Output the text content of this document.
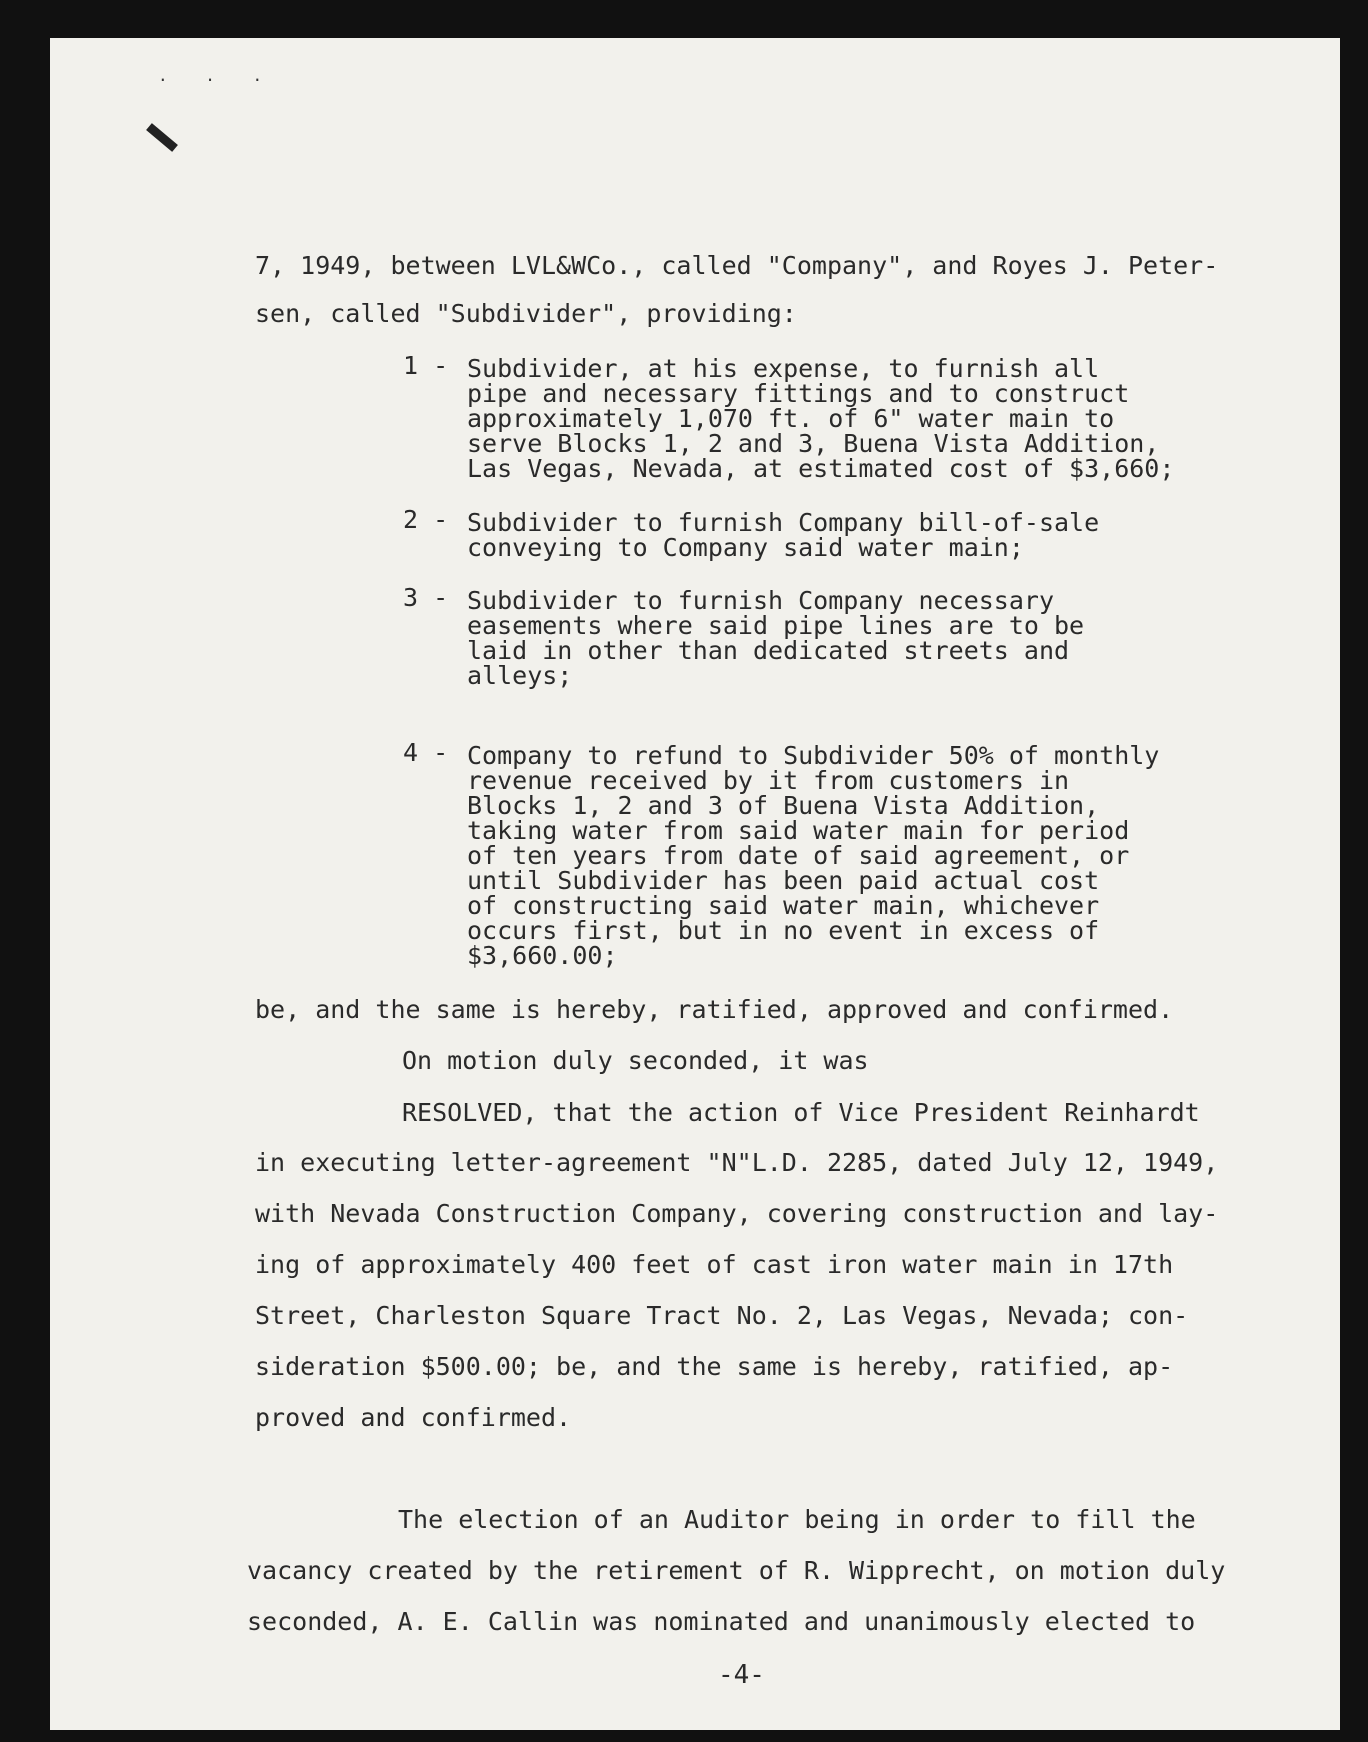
. . .
7, 1949, between LVL&WCo., called "Company", and Royes J. Peter-
sen, called "Subdivider", providing:
1 - Subdivider, at his expense, to furnish all
pipe and necessary fittings and to construct
approximately 1,070 ft. of 6" water main to
serve Blocks 1, 2 and 3, Buena Vista Addition,
Las Vegas, Nevada, at estimated cost of $3,660;
2 - Subdivider to furnish Company bill-of-sale
conveying to Company said water main;
3 - Subdivider to furnish Company necessary
easements where said pipe lines are to be
laid in other than dedicated streets and
alleys;
4 - Company to refund to Subdivider 50% of monthly
revenue received by it from customers in
Blocks 1, 2 and 3 of Buena Vista Addition,
taking water from said water main for period
of ten years from date of said agreement, or
until Subdivider has been paid actual cost
of constructing said water main, whichever
occurs first, but in no event in excess of
$3,660.00;
be, and the same is hereby, ratified, approved and confirmed.
On motion duly seconded, it was
RESOLVED, that the action of Vice President Reinhardt
in executing letter-agreement "N"L.D. 2285, dated July 12, 1949,
with Nevada Construction Company, covering construction and lay-
ing of approximately 400 feet of cast iron water main in 17th
Street, Charleston Square Tract No. 2, Las Vegas, Nevada; con-
sideration $500.00; be, and the same is hereby, ratified, ap-
proved and confirmed.
The election of an Auditor being in order to fill the
vacancy created by the retirement of R. Wipprecht, on motion duly
seconded, A. E. Callin was nominated and unanimously elected to
-4-
